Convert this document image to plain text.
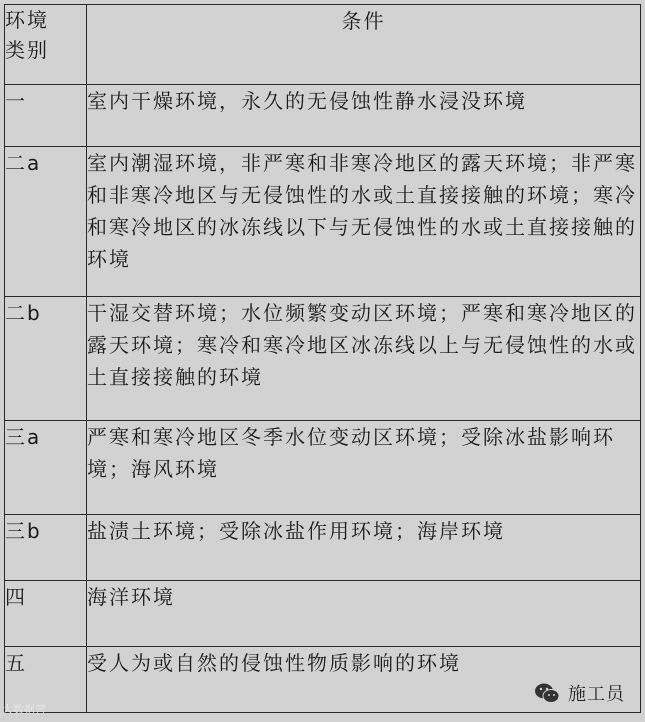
环境类别	条件
一	室内干燥环境，永久的无侵蚀性静水浸没环境
二a	室内潮湿环境，非严寒和非寒冷地区的露天环境；非严寒和非寒冷地区与无侵蚀性的水或土直接接触的环境；寒冷和寒冷地区的冰冻线以下与无侵蚀性的水或土直接接触的环境
二b	干湿交替环境；水位频繁变动区环境；严寒和寒冷地区的露天环境；寒冷和寒冷地区冰冻线以上与无侵蚀性的水或土直接接触的环境
三a	严寒和寒冷地区冬季水位变动区环境；受除冰盐影响环境；海风环境
三b	盐渍土环境；受除冰盐作用环境；海岸环境
四	海洋环境
五	受人为或自然的侵蚀性物质影响的环境
大数据营
施工员
